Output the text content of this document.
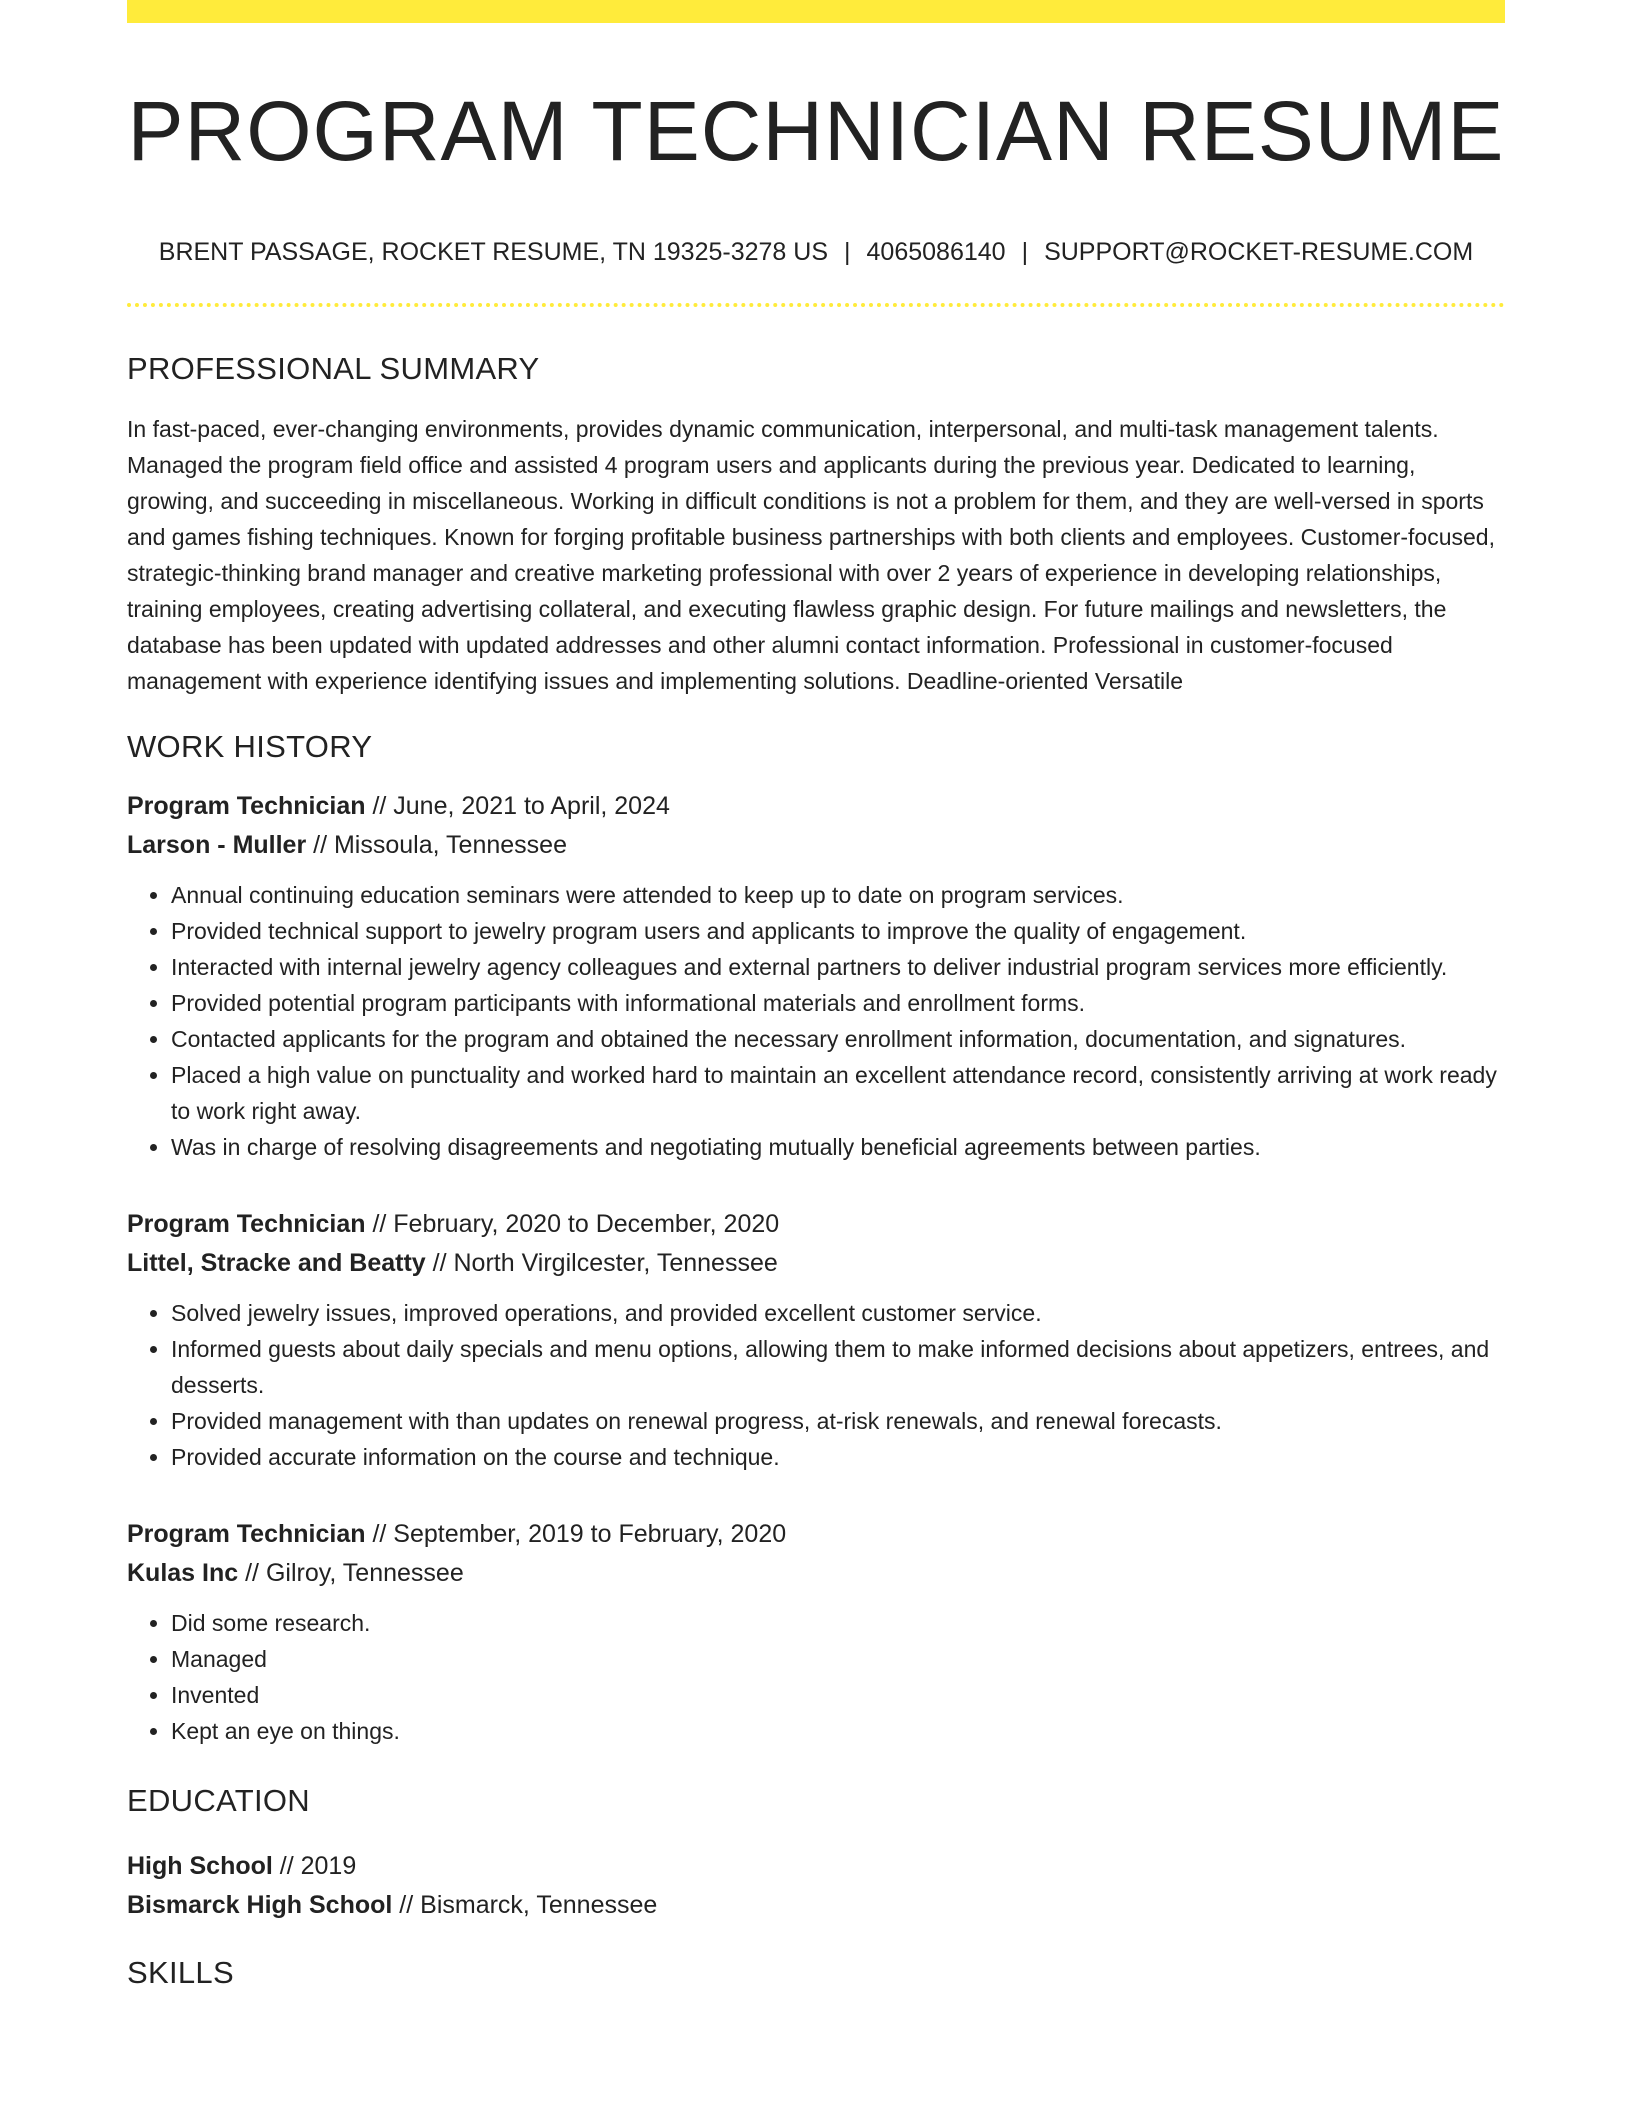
PROGRAM TECHNICIAN RESUME
BRENT PASSAGE, ROCKET RESUME, TN 19325-3278 US | 4065086140 | SUPPORT@ROCKET-RESUME.COM
PROFESSIONAL SUMMARY
In fast-paced, ever-changing environments, provides dynamic communication, interpersonal, and multi-task management talents. Managed the program field office and assisted 4 program users and applicants during the previous year. Dedicated to learning, growing, and succeeding in miscellaneous. Working in difficult conditions is not a problem for them, and they are well-versed in sports and games fishing techniques. Known for forging profitable business partnerships with both clients and employees. Customer-focused, strategic-thinking brand manager and creative marketing professional with over 2 years of experience in developing relationships, training employees, creating advertising collateral, and executing flawless graphic design. For future mailings and newsletters, the database has been updated with updated addresses and other alumni contact information. Professional in customer-focused management with experience identifying issues and implementing solutions. Deadline-oriented Versatile
WORK HISTORY
Program Technician // June, 2021 to April, 2024
Larson - Muller // Missoula, Tennessee
• Annual continuing education seminars were attended to keep up to date on program services.
• Provided technical support to jewelry program users and applicants to improve the quality of engagement.
• Interacted with internal jewelry agency colleagues and external partners to deliver industrial program services more efficiently.
• Provided potential program participants with informational materials and enrollment forms.
• Contacted applicants for the program and obtained the necessary enrollment information, documentation, and signatures.
• Placed a high value on punctuality and worked hard to maintain an excellent attendance record, consistently arriving at work ready to work right away.
• Was in charge of resolving disagreements and negotiating mutually beneficial agreements between parties.
Program Technician // February, 2020 to December, 2020
Littel, Stracke and Beatty // North Virgilcester, Tennessee
• Solved jewelry issues, improved operations, and provided excellent customer service.
• Informed guests about daily specials and menu options, allowing them to make informed decisions about appetizers, entrees, and desserts.
• Provided management with than updates on renewal progress, at-risk renewals, and renewal forecasts.
• Provided accurate information on the course and technique.
Program Technician // September, 2019 to February, 2020
Kulas Inc // Gilroy, Tennessee
• Did some research.
• Managed
• Invented
• Kept an eye on things.
EDUCATION
High School // 2019
Bismarck High School // Bismarck, Tennessee
SKILLS
